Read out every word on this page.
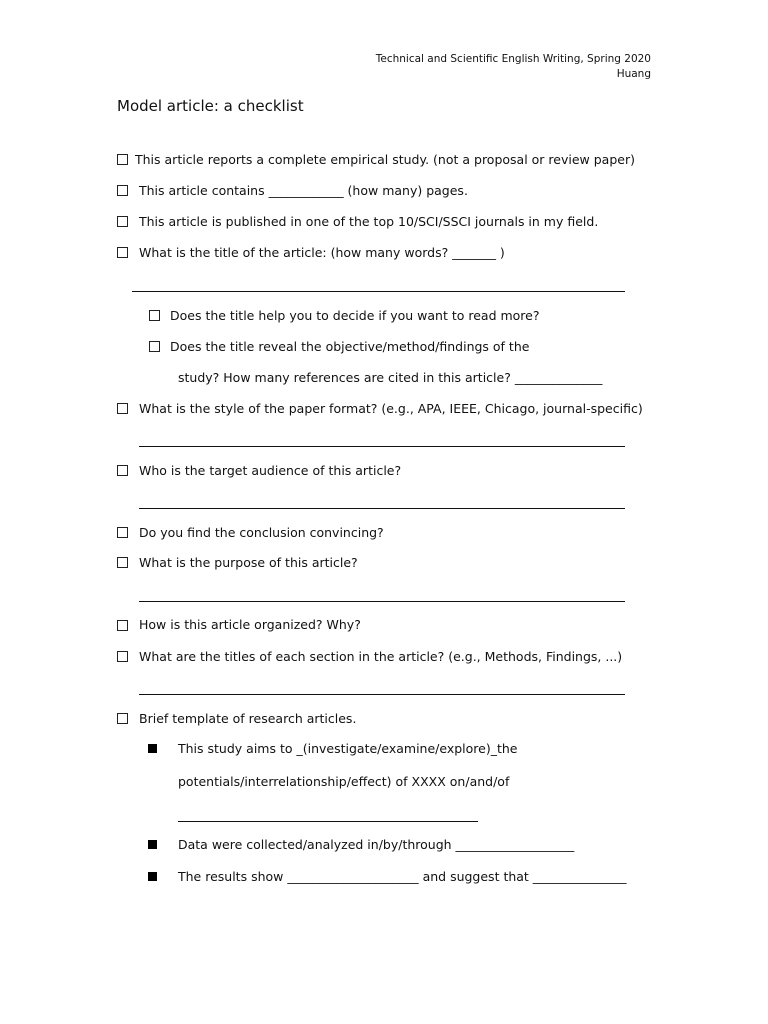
Technical and Scientific English Writing, Spring 2020
Huang
Model article: a checklist
This article reports a complete empirical study. (not a proposal or review paper)
This article contains ____________ (how many) pages.
This article is published in one of the top 10/SCI/SSCI journals in my field.
What is the title of the article: (how many words? _______ )
Does the title help you to decide if you want to read more?
Does the title reveal the objective/method/findings of the
study? How many references are cited in this article? ______________
What is the style of the paper format? (e.g., APA, IEEE, Chicago, journal-specific)
Who is the target audience of this article?
Do you find the conclusion convincing?
What is the purpose of this article?
How is this article organized? Why?
What are the titles of each section in the article? (e.g., Methods, Findings, ...)
Brief template of research articles.
This study aims to _(investigate/examine/explore)_the
potentials/interrelationship/effect) of XXXX on/and/of
Data were collected/analyzed in/by/through ___________________
The results show _____________________ and suggest that _______________
